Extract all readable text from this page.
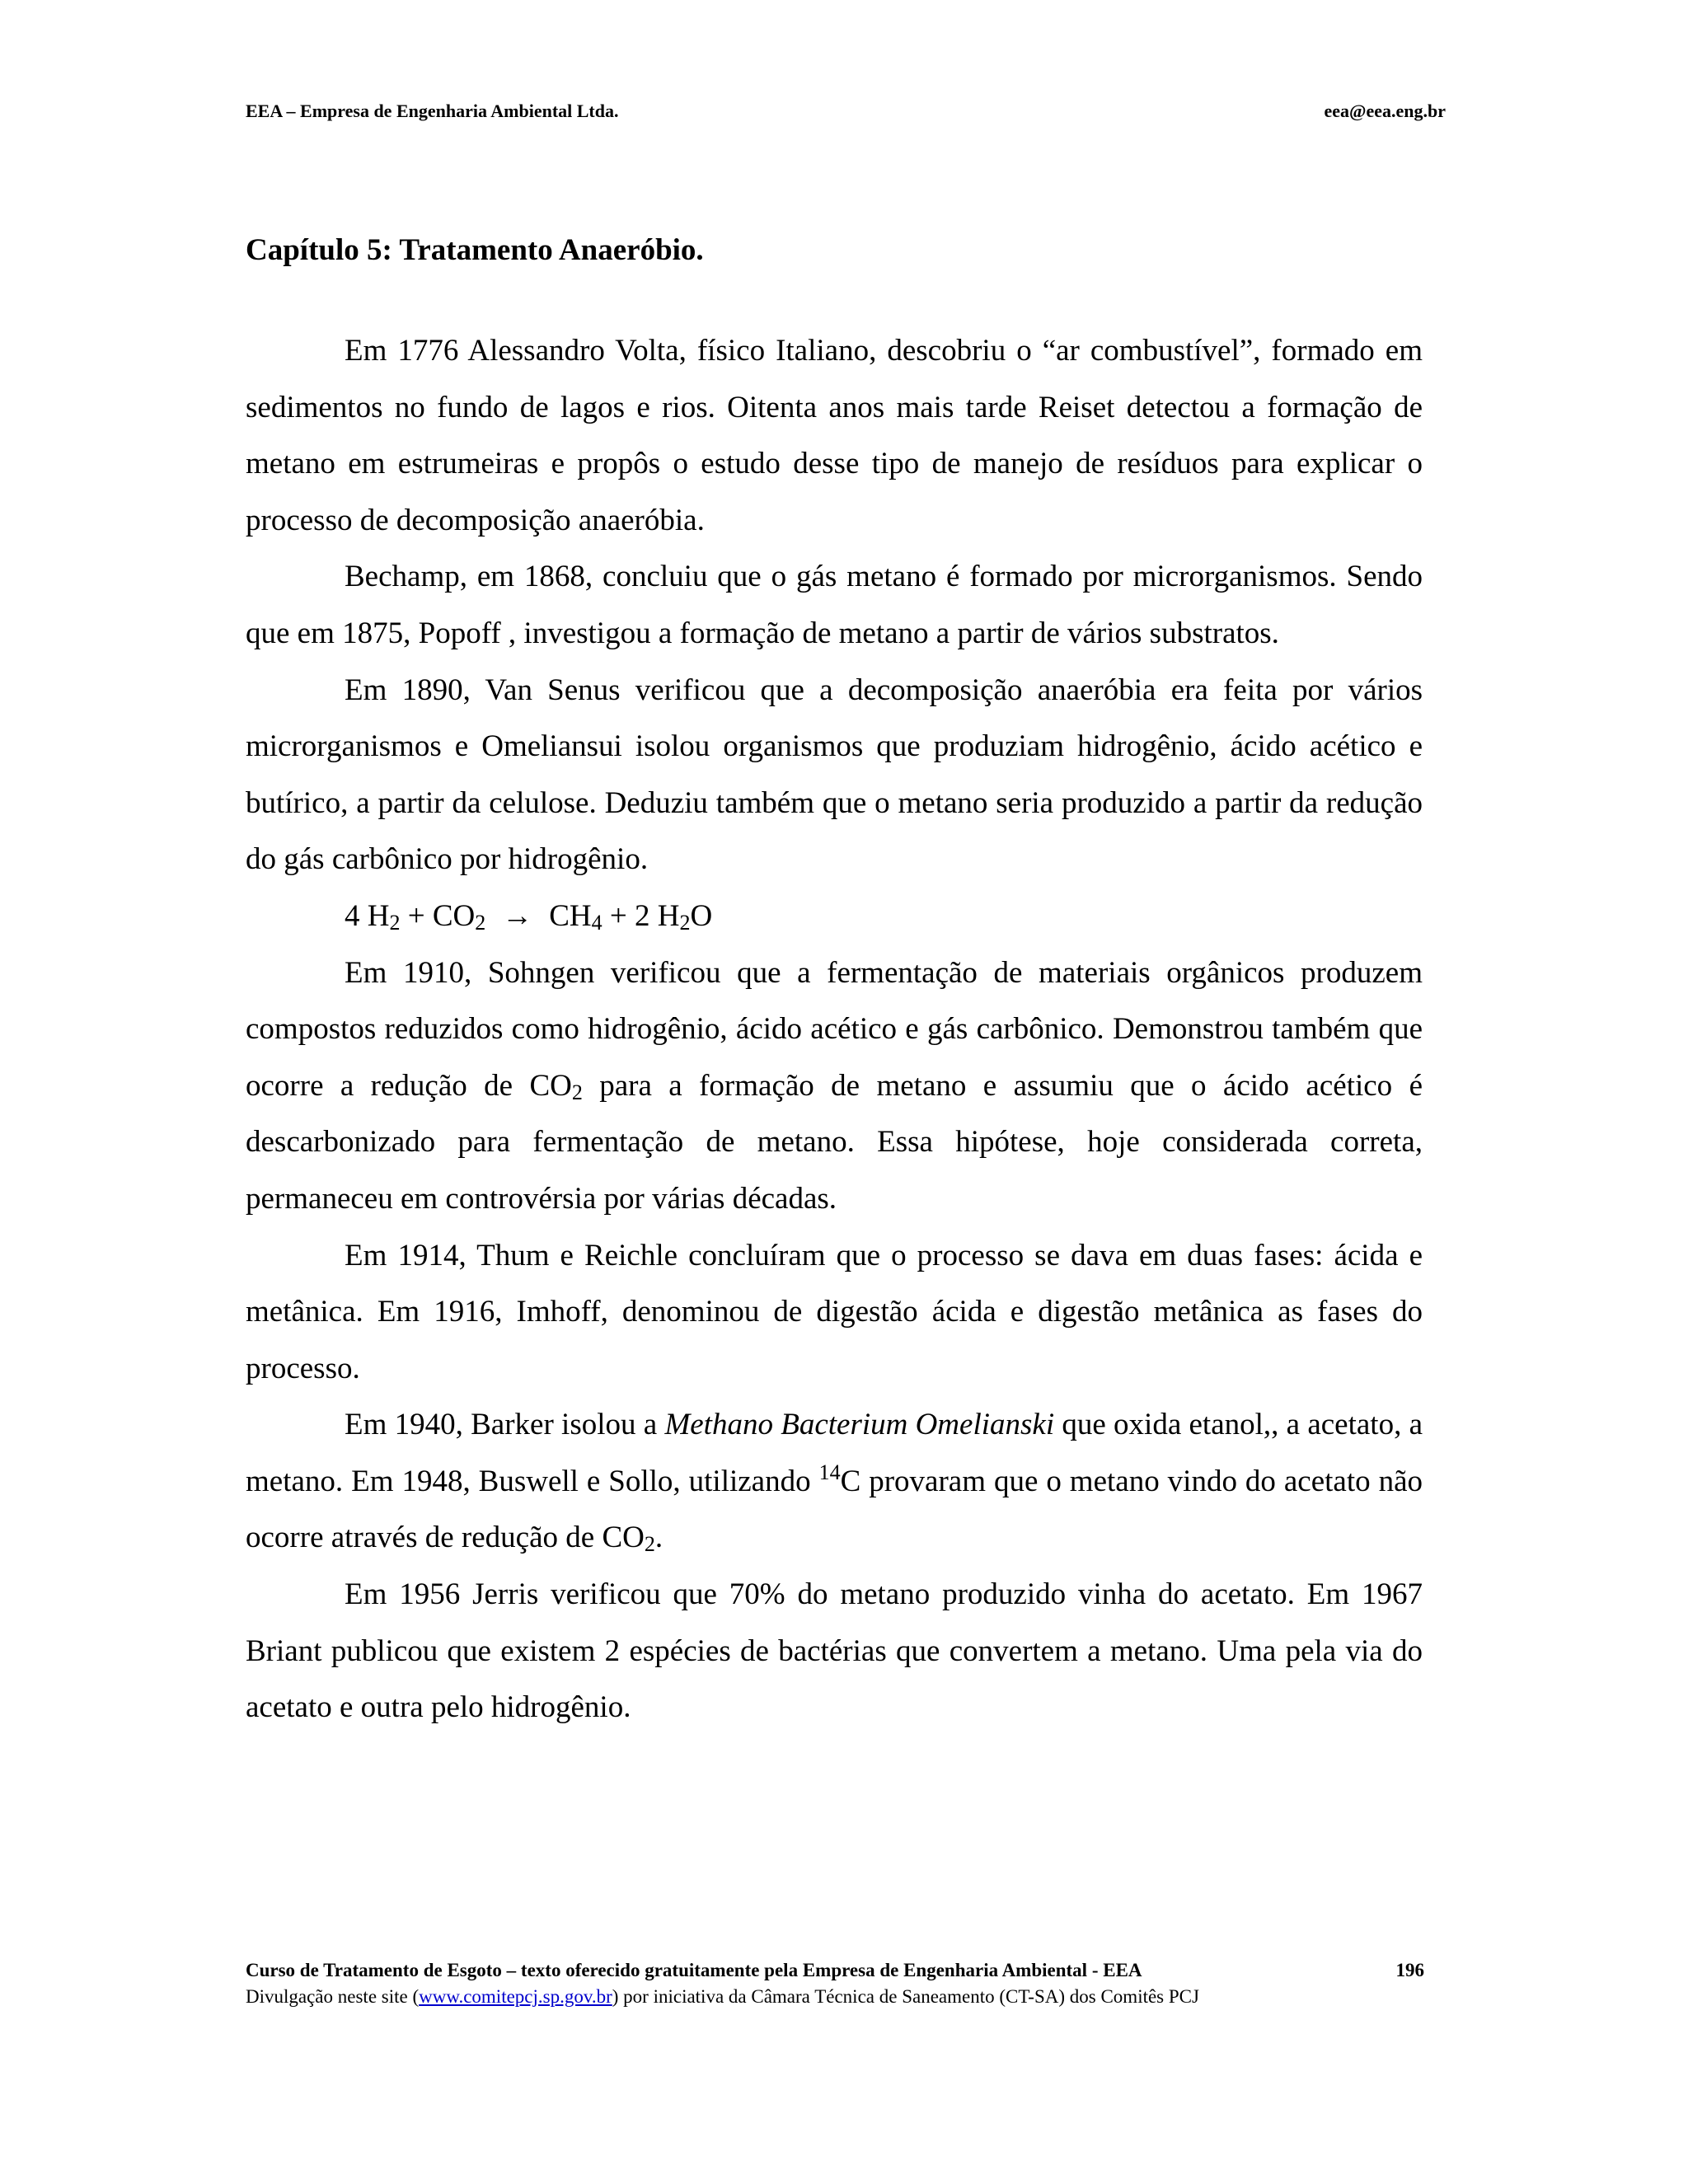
EEA – Empresa de Engenharia Ambiental Ltda.	eea@eea.eng.br
Capítulo 5: Tratamento Anaeróbio.

Em 1776 Alessandro Volta, físico Italiano, descobriu o “ar combustível”, formado em sedimentos no fundo de lagos e rios. Oitenta anos mais tarde Reiset detectou a formação de metano em estrumeiras e propôs o estudo desse tipo de manejo de resíduos para explicar o processo de decomposição anaeróbia.

Bechamp, em 1868, concluiu que o gás metano é formado por microrganismos. Sendo que em 1875, Popoff , investigou a formação de metano a partir de vários substratos.

Em 1890, Van Senus verificou que a decomposição anaeróbia era feita por vários microrganismos e Omeliansui isolou organismos que produziam hidrogênio, ácido acético e butírico, a partir da celulose. Deduziu também que o metano seria produzido a partir da redução do gás carbônico por hidrogênio.

4 $H_2 + CO_2 \to CH_4 + 2$ $H_2O$

Em 1910, Sohngen verificou que a fermentação de materiais orgânicos produzem compostos reduzidos como hidrogênio, ácido acético e gás carbônico. Demonstrou também que ocorre a redução de $CO_2$ para a formação de metano e assumiu que o ácido acético é descarbonizado para fermentação de metano. Essa hipótese, hoje considerada correta, permaneceu em controvérsia por várias décadas.

Em 1914, Thum e Reichle concluíram que o processo se dava em duas fases: ácida e metânica. Em 1916, Imhoff, denominou de digestão ácida e digestão metânica as fases do processo.

Em 1940, Barker isolou a Methano Bacterium Omelianski que oxida etanol,, a acetato, a metano. Em 1948, Buswell e Sollo, utilizando $^{14}$C provaram que o metano vindo do acetato não ocorre através de redução de $CO_2$.

Em 1956 Jerris verificou que 70% do metano produzido vinha do acetato. Em 1967 Briant publicou que existem 2 espécies de bactérias que convertem a metano. Uma pela via do acetato e outra pelo hidrogênio.

Curso de Tratamento de Esgoto – texto oferecido gratuitamente pela Empresa de Engenharia Ambiental - EEA	196
Divulgação neste site (www.comitepcj.sp.gov.br) por iniciativa da Câmara Técnica de Saneamento (CT-SA) dos Comitês PCJ
